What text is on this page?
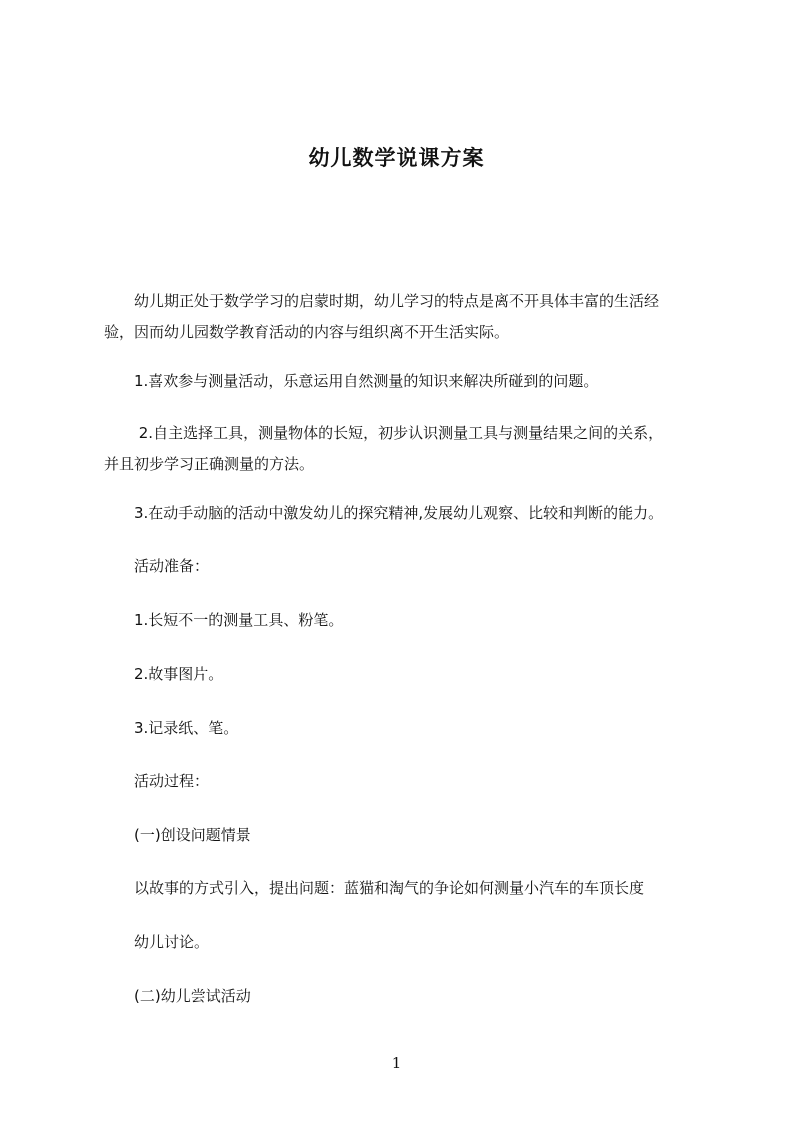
幼儿数学说课方案

　　幼儿期正处于数学学习的启蒙时期，幼儿学习的特点是离不开具体丰富的生活经
验，因而幼儿园数学教育活动的内容与组织离不开生活实际。

　　1.喜欢参与测量活动，乐意运用自然测量的知识来解决所碰到的问题。

　　 2.自主选择工具，测量物体的长短，初步认识测量工具与测量结果之间的关系，
并且初步学习正确测量的方法。

　　3.在动手动脑的活动中激发幼儿的探究精神,发展幼儿观察、比较和判断的能力。

　　活动准备：

　　1.长短不一的测量工具、粉笔。

　　2.故事图片。

　　3.记录纸、笔。

　　活动过程：

　　(一)创设问题情景

　　以故事的方式引入，提出问题：蓝猫和淘气的争论如何测量小汽车的车顶长度

　　幼儿讨论。

　　(二)幼儿尝试活动

1
